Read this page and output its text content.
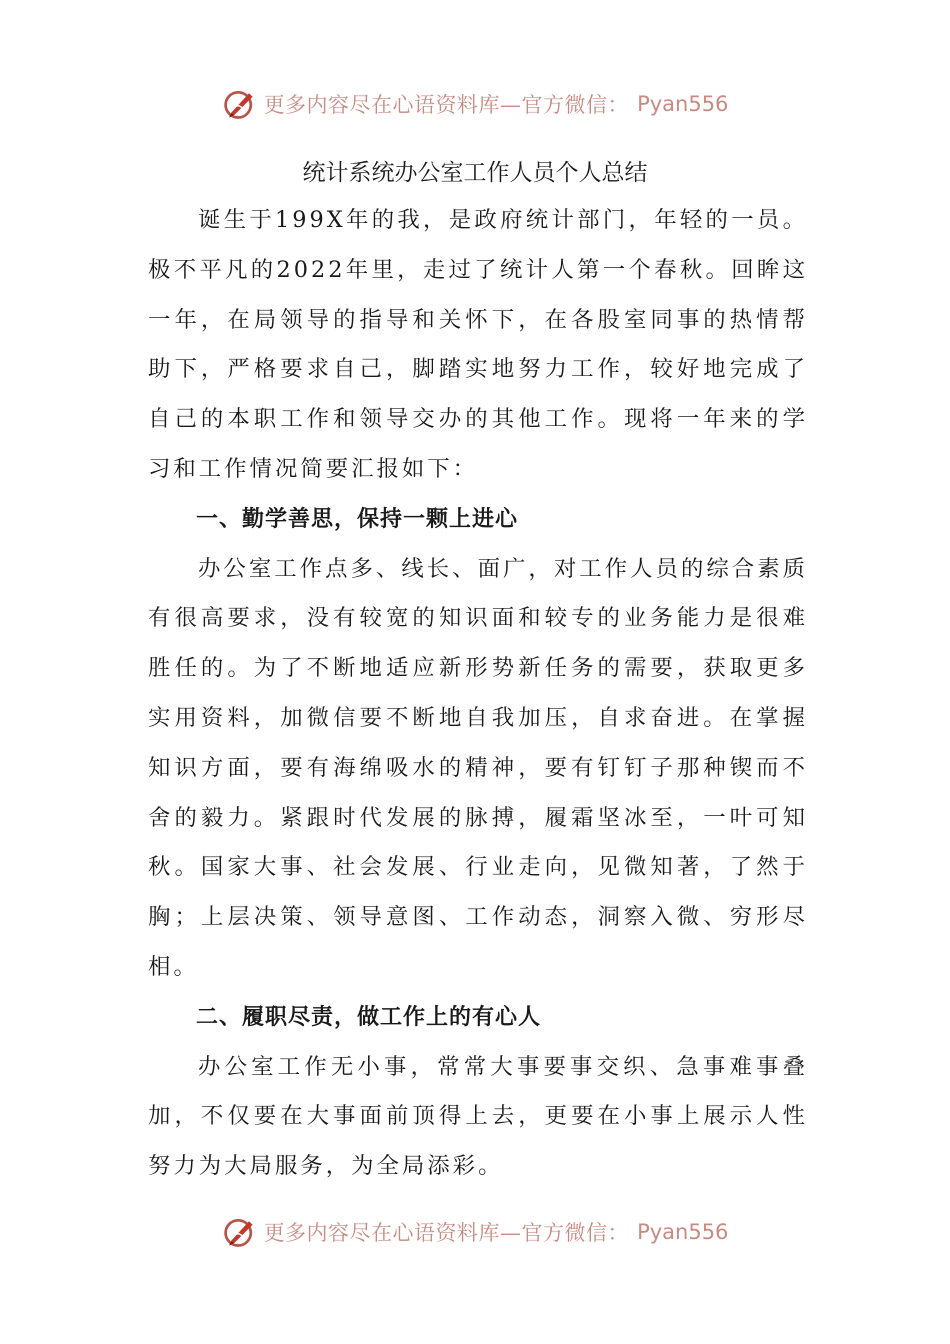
更多内容尽在心语资料库—官方微信： Pyan556
统计系统办公室工作人员个人总结

诞生于199X年的我，是政府统计部门，年轻的一员。极不平凡的2022年里，走过了统计人第一个春秋。回眸这一年，在局领导的指导和关怀下，在各股室同事的热情帮助下，严格要求自己，脚踏实地努力工作，较好地完成了自己的本职工作和领导交办的其他工作。现将一年来的学习和工作情况简要汇报如下：

一、勤学善思，保持一颗上进心

办公室工作点多、线长、面广，对工作人员的综合素质有很高要求，没有较宽的知识面和较专的业务能力是很难胜任的。为了不断地适应新形势新任务的需要，获取更多实用资料，加微信要不断地自我加压，自求奋进。在掌握知识方面，要有海绵吸水的精神，要有钉钉子那种锲而不舍的毅力。紧跟时代发展的脉搏，履霜坚冰至，一叶可知秋。国家大事、社会发展、行业走向，见微知著，了然于胸；上层决策、领导意图、工作动态，洞察入微、穷形尽相。

二、履职尽责，做工作上的有心人

办公室工作无小事，常常大事要事交织、急事难事叠加，不仅要在大事面前顶得上去，更要在小事上展示人性努力为大局服务，为全局添彩。

更多内容尽在心语资料库—官方微信： Pyan556
